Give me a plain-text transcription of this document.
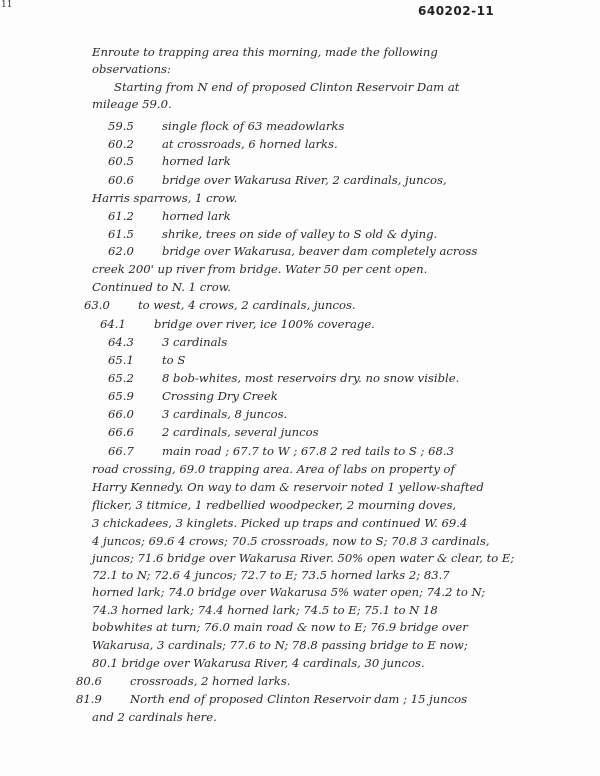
11	640202-11
Enroute to trapping area this morning, made the following
observations:
Starting from N end of proposed Clinton Reservoir Dam at
mileage 59.0.
59.5 single flock of 63 meadowlarks
60.2 at crossroads, 6 horned larks.
60.5 horned lark
60.6 bridge over Wakarusa River, 2 cardinals, juncos,
Harris sparrows, 1 crow.
61.2 horned lark
61.5 shrike, trees on side of valley to S old & dying.
62.0 bridge over Wakarusa, beaver dam completely across
creek 200' up river from bridge. Water 50 per cent open.
Continued to N. 1 crow.
63.0 to west, 4 crows, 2 cardinals, juncos.
64.1 bridge over river, ice 100% coverage.
64.3 3 cardinals
65.1 to S
65.2 8 bob-whites, most reservoirs dry. no snow visible.
65.9 Crossing Dry Creek
66.0 3 cardinals, 8 juncos.
66.6 2 cardinals, several juncos
66.7 main road ; 67.7 to W ; 67.8 2 red tails to S ; 68.3
road crossing, 69.0 trapping area. Area of labs on property of
Harry Kennedy. On way to dam & reservoir noted 1 yellow-shafted
flicker, 3 titmice, 1 redbellied woodpecker, 2 mourning doves,
3 chickadees, 3 kinglets. Picked up traps and continued W. 69.4
4 juncos; 69.6 4 crows; 70.5 crossroads, now to S; 70.8 3 cardinals,
juncos; 71.6 bridge over Wakarusa River. 50% open water & clear, to E;
72.1 to N; 72.6 4 juncos; 72.7 to E; 73.5 horned larks 2; 83.7
horned lark; 74.0 bridge over Wakarusa 5% water open; 74.2 to N;
74.3 horned lark; 74.4 horned lark; 74.5 to E; 75.1 to N 18
bobwhites at turn; 76.0 main road & now to E; 76.9 bridge over
Wakarusa, 3 cardinals; 77.6 to N; 78.8 passing bridge to E now;
80.1 bridge over Wakarusa River, 4 cardinals, 30 juncos.
80.6 crossroads, 2 horned larks.
81.9 North end of proposed Clinton Reservoir dam ; 15 juncos
and 2 cardinals here.
